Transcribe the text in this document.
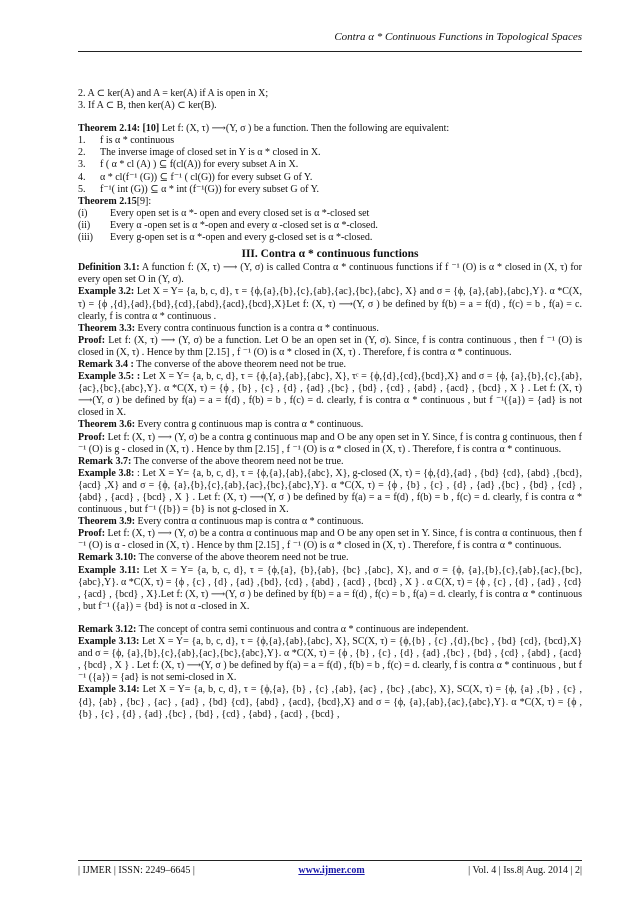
Contra α * Continuous Functions in Topological Spaces

2. A ⊂ ker(A) and A = ker(A) if A is open in X;

3. If A ⊂ B, then ker(A) ⊂ ker(B).

Theorem 2.14: [10] Let f: (X, τ) ⟶(Y, σ ) be a function. Then the following are equivalent:

1.	f is α * continuous
2.	The inverse image of closed set in Y is α * closed in X.
3.	f ( α * cl (A) ) ⊆ f(cl(A)) for every subset A in X.
4.	α * cl(f⁻¹ (G)) ⊆ f⁻¹ ( cl(G)) for every subset G of Y.
5.	f⁻¹( int (G)) ⊆ α * int (f⁻¹(G)) for every subset G of Y.

Theorem 2.15[9]:

(i)	Every open set is α *- open and every closed set is α *-closed set
(ii)	Every α -open set is α *-open and every α -closed set is α *-closed.
(iii)	Every g-open set is α *-open and every g-closed set is α *-closed.
III. Contra α * continuous functions

Definition 3.1: A function f: (X, τ) ⟶ (Y, σ) is called Contra α * continuous functions if f ⁻¹ (O) is α * closed in (X, τ) for every open set O in (Y, σ).

Example 3.2: Let X = Y= {a, b, c, d}, τ = {ϕ,{a},{b},{c},{ab},{ac},{bc},{abc}, X} and σ = {ϕ, {a},{ab},{abc},Y}. α *C(X, τ) = {ϕ ,{d},{ad},{bd},{cd},{abd},{acd},{bcd},X}Let f: (X, τ) ⟶(Y, σ ) be defined by f(b) = a = f(d) , f(c) = b , f(a) = c. clearly, f is contra α * continuous .

Theorem 3.3: Every contra continuous function is a contra α * continuous.

Proof: Let f: (X, τ) ⟶ (Y, σ) be a function. Let O be an open set in (Y, σ). Since, f is contra continuous , then f ⁻¹ (O) is closed in (X, τ) . Hence by thm [2.15] , f ⁻¹ (O) is α * closed in (X, τ) . Therefore, f is contra α * continuous.

Remark 3.4 : The converse of the above theorem need not be true.

Example 3.5: : Let X = Y= {a, b, c, d}, τ = {ϕ,{a},{ab},{abc}, X}, τᶜ = {ϕ,{d},{cd},{bcd},X} and σ = {ϕ, {a},{b},{c},{ab},{ac},{bc},{abc},Y}. α *C(X, τ) = {ϕ , {b} , {c} , {d} , {ad} ,{bc} , {bd} , {cd} , {abd} , {acd} , {bcd} , X } . Let f: (X, τ) ⟶(Y, σ ) be defined by f(a) = a = f(d) , f(b) = b , f(c) = d. clearly, f is contra α * continuous , but f ⁻¹({a}) = {ad} is not closed in X.

Theorem 3.6: Every contra g continuous map is contra α * continuous.

Proof: Let f: (X, τ) ⟶ (Y, σ) be a contra g continuous map and O be any open set in Y. Since, f is contra g continuous, then f ⁻¹ (O) is g - closed in (X, τ) . Hence by thm [2.15] , f ⁻¹ (O) is α * closed in (X, τ) . Therefore, f is contra α * continuous.

Remark 3.7: The converse of the above theorem need not be true.

Example 3.8: : Let X = Y= {a, b, c, d}, τ = {ϕ,{a},{ab},{abc}, X}, g-closed (X, τ) = {ϕ,{d},{ad} , {bd} {cd}, {abd} ,{bcd}, {acd} ,X} and σ = {ϕ, {a},{b},{c},{ab},{ac},{bc},{abc},Y}. α *C(X, τ) = {ϕ , {b} , {c} , {d} , {ad} ,{bc} , {bd} , {cd} , {abd} , {acd} , {bcd} , X } . Let f: (X, τ) ⟶(Y, σ ) be defined by f(a) = a = f(d) , f(b) = b , f(c) = d. clearly, f is contra α * continuous , but f⁻¹ ({b}) = {b} is not g-closed in X.

Theorem 3.9: Every contra α continuous map is contra α * continuous.

Proof: Let f: (X, τ) ⟶ (Y, σ) be a contra α continuous map and O be any open set in Y. Since, f is contra α continuous, then f ⁻¹ (O) is α - closed in (X, τ) . Hence by thm [2.15] , f ⁻¹ (O) is α * closed in (X, τ) . Therefore, f is contra α * continuous.

Remark 3.10: The converse of the above theorem need not be true.

Example 3.11: Let X = Y= {a, b, c, d}, τ = {ϕ,{a}, {b},{ab}, {bc} ,{abc}, X}, and σ = {ϕ, {a},{b},{c},{ab},{ac},{bc},{abc},Y}. α *C(X, τ) = {ϕ , {c} , {d} , {ad} ,{bd}, {cd} , {abd} , {acd} , {bcd} , X } . α C(X, τ) = {ϕ , {c} , {d} , {ad} , {cd} , {acd} , {bcd} , X}.Let f: (X, τ) ⟶(Y, σ ) be defined by f(b) = a = f(d) , f(c) = b , f(a) = d. clearly, f is contra α * continuous , but f⁻¹ ({a}) = {bd} is not α -closed in X.

Remark 3.12: The concept of contra semi continuous and contra α * continuous are independent.

Example 3.13: Let X = Y= {a, b, c, d}, τ = {ϕ,{a},{ab},{abc}, X}, SC(X, τ) = {ϕ,{b} , {c} ,{d},{bc} , {bd} {cd}, {bcd},X} and σ = {ϕ, {a},{b},{c},{ab},{ac},{bc},{abc},Y}. α *C(X, τ) = {ϕ , {b} , {c} , {d} , {ad} ,{bc} , {bd} , {cd} , {abd} , {acd} , {bcd} , X } . Let f: (X, τ) ⟶(Y, σ ) be defined by f(a) = a = f(d) , f(b) = b , f(c) = d. clearly, f is contra α * continuous , but f ⁻¹ ({a}) = {ad} is not semi-closed in X.

Example 3.14: Let X = Y= {a, b, c, d}, τ = {ϕ,{a}, {b} , {c} ,{ab}, {ac} , {bc} ,{abc}, X}, SC(X, τ) = {ϕ, {a} ,{b} , {c} ,{d}, {ab} , {bc} , {ac} , {ad} , {bd} {cd}, {abd} , {acd}, {bcd},X} and σ = {ϕ, {a},{ab},{ac},{abc},Y}. α *C(X, τ) = {ϕ , {b} , {c} , {d} , {ad} ,{bc} , {bd} , {cd} , {abd} , {acd} , {bcd} ,

| IJMER | ISSN: 2249–6645 |	www.ijmer.com	| Vol. 4 | Iss.8| Aug. 2014 | 2|
